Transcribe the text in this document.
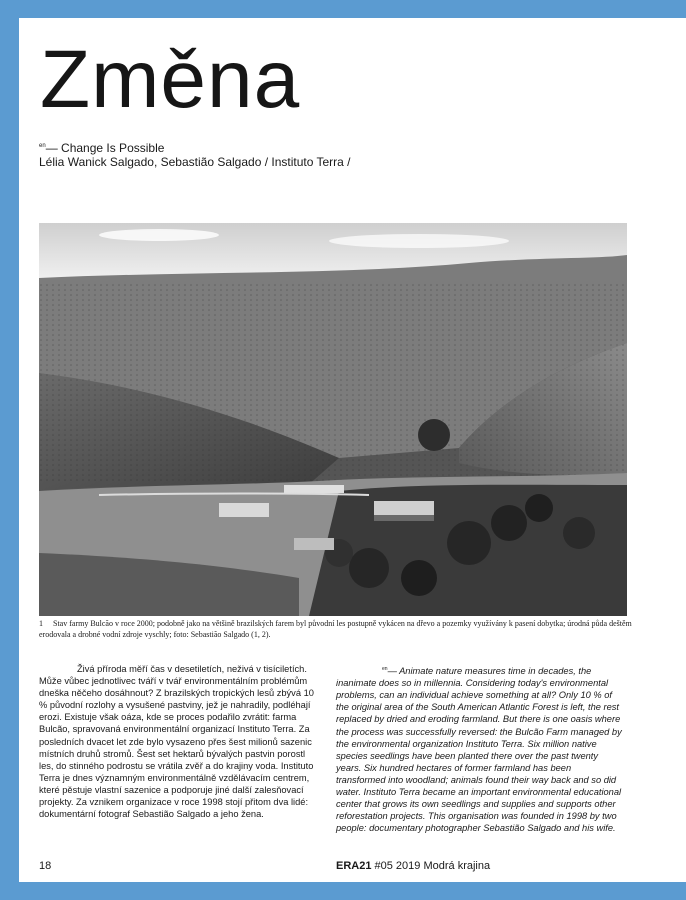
Změna
$^{en}$— Change Is Possible
Lélia Wanick Salgado, Sebastião Salgado / Instituto Terra /
1 Stav farmy Bulcão v roce 2000; podobně jako na většině brazilských farem byl původní les postupně vykácen na dřevo a pozemky využívány k pasení dobytka; úrodná půda deštěm erodovala a drobné vodní zdroje vyschly; foto: Sebastião Salgado (1, 2).

Živá příroda měří čas v desetiletích, neživá v tisíciletích. Může vůbec jednotlivec tváří v tvář environmentálním problémům dneška něčeho dosáhnout? Z brazilských tropických lesů zbývá 10 % původní rozlohy a vysušené pastviny, jež je nahradily, podléhají erozi. Existuje však oáza, kde se proces podařilo zvrátit: farma Bulcão, spravovaná environmentální organizací Instituto Terra. Za posledních dvacet let zde bylo vysazeno přes šest milionů sazenic místních druhů stromů. Šest set hektarů bývalých pastvin porostl les, do stinného podrostu se vrátila zvěř a do krajiny voda. Instituto Terra je dnes významným environmentálně vzdělávacím centrem, které pěstuje vlastní sazenice a podporuje jiné další zalesňovací projekty. Za vznikem organizace v roce 1998 stojí přitom dva lidé: dokumentární fotograf Sebastião Salgado a jeho žena.

$^{en}$— Animate nature measures time in decades, the inanimate does so in millennia. Considering today's environmental problems, can an individual achieve something at all? Only 10 % of the original area of the South American Atlantic Forest is left, the rest replaced by dried and eroding farmland. But there is one oasis where the process was successfully reversed: the Bulcão Farm managed by the environmental organization Instituto Terra. Six million native species seedlings have been planted there over the past twenty years. Six hundred hectares of former farmland has been transformed into woodland; animals found their way back and so did water. Instituto Terra became an important environmental educational center that grows its own seedlings and supplies and supports other reforestation projects. This organisation was founded in 1998 by two people: documentary photographer Sebastião Salgado and his wife.

18	ERA21 #05 2019 Modrá krajina
